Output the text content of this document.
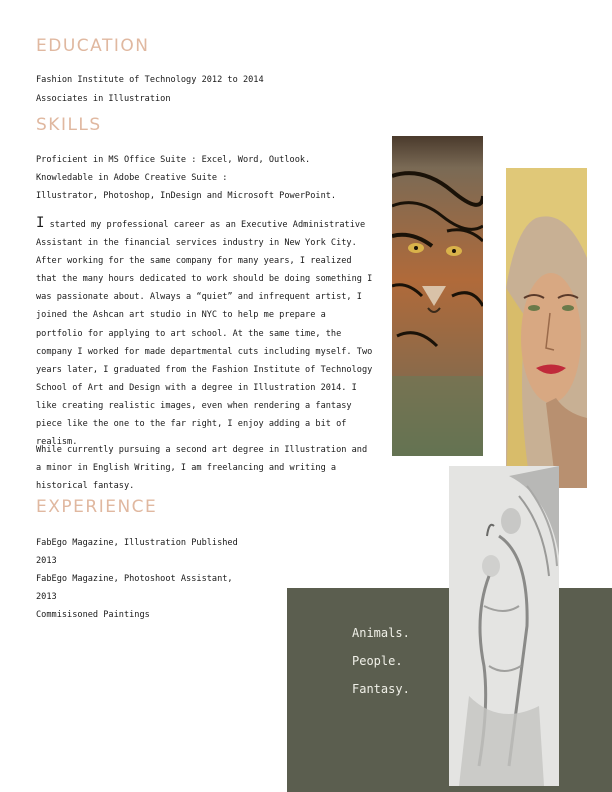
EDUCATION

Fashion Institute of Technology 2012 to 2014

Associates in Illustration

SKILLS

Proficient in MS Office Suite : Excel, Word, Outlook.

Knowledable in Adobe Creative Suite :

Illustrator, Photoshop, InDesign and Microsoft PowerPoint.

I started my professional career as an Executive Administrative Assistant in the financial services industry in New York City. After working for the same company for many years, I realized that the many hours dedicated to work should be doing something I was passionate about. Always a “quiet” and infrequent artist, I joined the Ashcan art studio in NYC to help me prepare a portfolio for applying to art school. At the same time, the company I worked for made departmental cuts including myself. Two years later, I graduated from the Fashion Institute of Technology School of Art and Design with a degree in Illustration 2014. I like creating realistic images, even when rendering a fantasy piece like the one to the far right, I enjoy adding a bit of realism.

While currently pursuing a second art degree in Illustration and a minor in English Writing, I am freelancing and writing a historical fantasy.

EXPERIENCE

FabEgo Magazine, Illustration Published

2013

FabEgo Magazine, Photoshoot Assistant,

2013

Commisisoned Paintings

Animals.

People.

Fantasy.
